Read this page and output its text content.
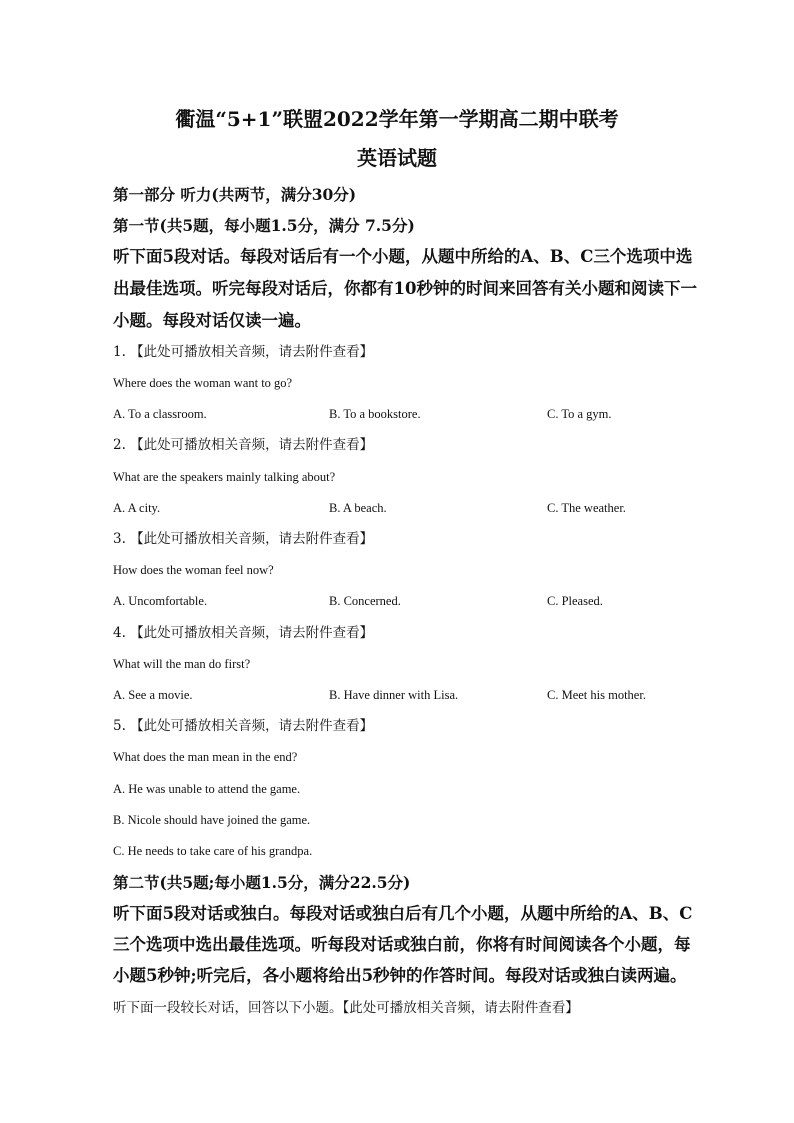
衢温“5+1”联盟2022学年第一学期高二期中联考
英语试题
第一部分 听力(共两节，满分30分)
第一节(共5题，每小题1.5分，满分 7.5分)
听下面5段对话。每段对话后有一个小题，从题中所给的A、B、C三个选项中选
出最佳选项。听完每段对话后，你都有10秒钟的时间来回答有关小题和阅读下一
小题。每段对话仅读一遍。
1. 【此处可播放相关音频，请去附件查看】
Where does the woman want to go?
A. To a classroom.	B. To a bookstore.	C. To a gym.
2. 【此处可播放相关音频，请去附件查看】
What are the speakers mainly talking about?
A. A city.	B. A beach.	C. The weather.
3. 【此处可播放相关音频，请去附件查看】
How does the woman feel now?
A. Uncomfortable.	B. Concerned.	C. Pleased.
4. 【此处可播放相关音频，请去附件查看】
What will the man do first?
A. See a movie.	B. Have dinner with Lisa.	C. Meet his mother.
5. 【此处可播放相关音频，请去附件查看】
What does the man mean in the end?
A. He was unable to attend the game.
B. Nicole should have joined the game.
C. He needs to take care of his grandpa.
第二节(共5题;每小题1.5分，满分22.5分)
听下面5段对话或独白。每段对话或独白后有几个小题，从题中所给的A、B、C
三个选项中选出最佳选项。听每段对话或独白前，你将有时间阅读各个小题，每
小题5秒钟;听完后，各小题将给出5秒钟的作答时间。每段对话或独白读两遍。
听下面一段较长对话，回答以下小题。【此处可播放相关音频，请去附件查看】
